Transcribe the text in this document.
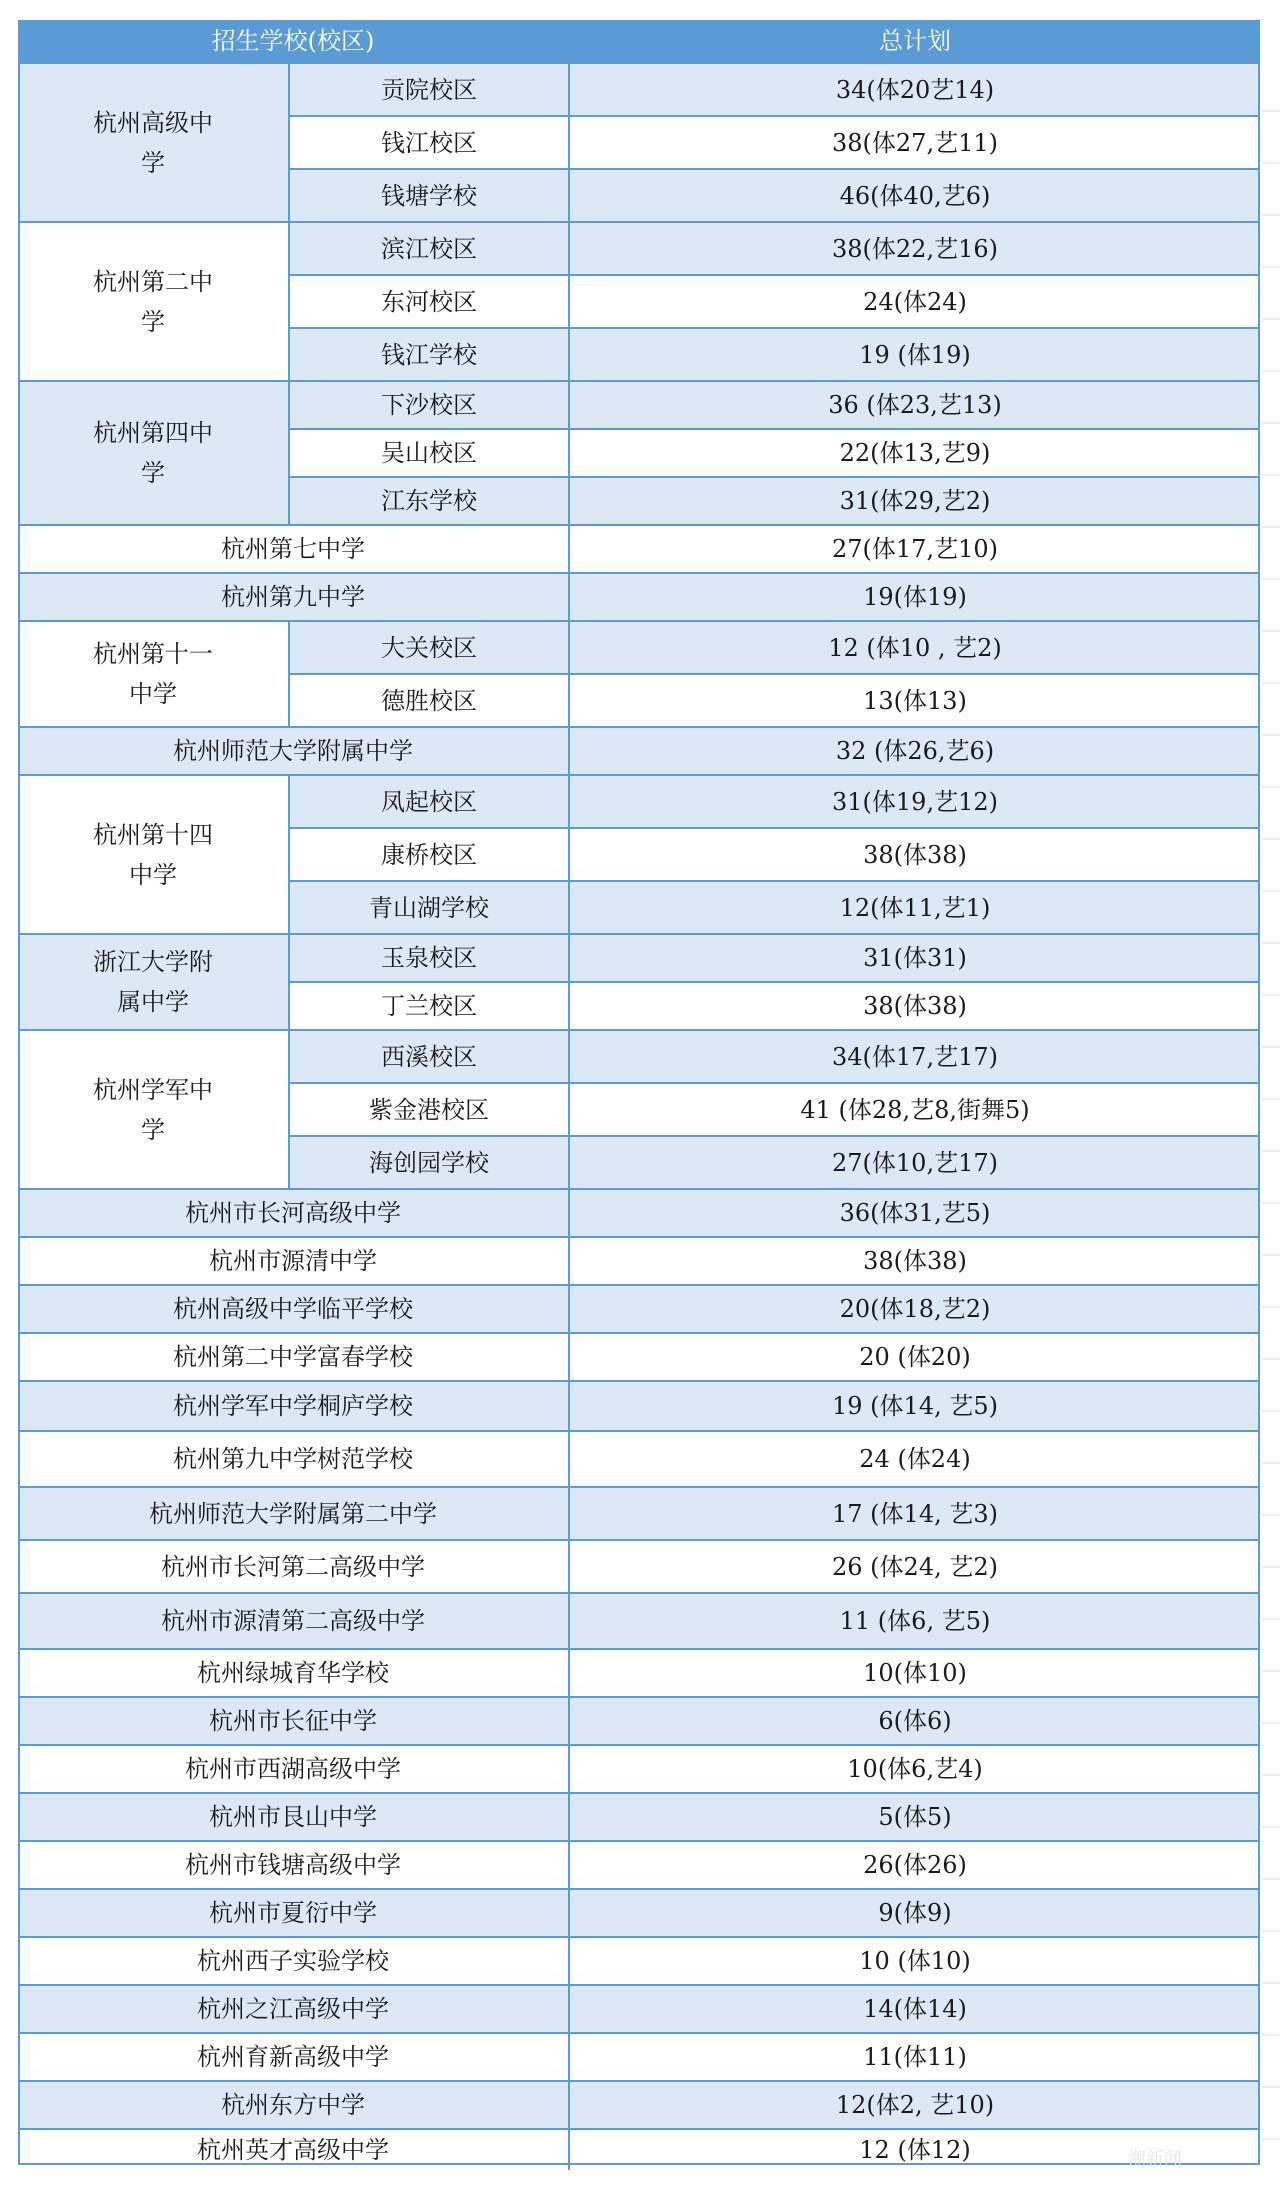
招生学校(校区)	总计划
杭州高级中学
贡院校区	34(体20艺14)
钱江校区	38(体27,艺11)
钱塘学校	46(体40,艺6)
杭州第二中学
滨江校区	38(体22,艺16)
东河校区	24(体24)
钱江学校	19 (体19)
杭州第四中学
下沙校区	36 (体23,艺13)
吴山校区	22(体13,艺9)
江东学校	31(体29,艺2)
杭州第七中学	27(体17,艺10)
杭州第九中学	19(体19)
杭州第十一中学
大关校区	12 (体10 , 艺2)
德胜校区	13(体13)
杭州师范大学附属中学	32 (体26,艺6)
杭州第十四中学
凤起校区	31(体19,艺12)
康桥校区	38(体38)
青山湖学校	12(体11,艺1)
浙江大学附属中学
玉泉校区	31(体31)
丁兰校区	38(体38)
杭州学军中学
西溪校区	34(体17,艺17)
紫金港校区	41 (体28,艺8,街舞5)
海创园学校	27(体10,艺17)
杭州市长河高级中学	36(体31,艺5)
杭州市源清中学	38(体38)
杭州高级中学临平学校	20(体18,艺2)
杭州第二中学富春学校	20 (体20)
杭州学军中学桐庐学校	19 (体14, 艺5)
杭州第九中学树范学校	24 (体24)
杭州师范大学附属第二中学	17 (体14, 艺3)
杭州市长河第二高级中学	26 (体24, 艺2)
杭州市源清第二高级中学	11 (体6, 艺5)
杭州绿城育华学校	10(体10)
杭州市长征中学	6(体6)
杭州市西湖高级中学	10(体6,艺4)
杭州市艮山中学	5(体5)
杭州市钱塘高级中学	26(体26)
杭州市夏衍中学	9(体9)
杭州西子实验学校	10 (体10)
杭州之江高级中学	14(体14)
杭州育新高级中学	11(体11)
杭州东方中学	12(体2, 艺10)
杭州英才高级中学	12 (体12)	潮新闻
